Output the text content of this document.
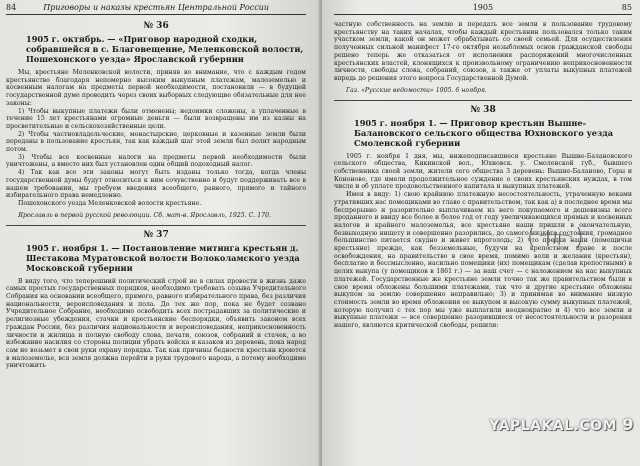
84	Приговоры и наказы крестьян Центральной России
№ 36
1905 г. октябрь. — «Приговор народной сходки, собравшейся в с. Благовещение, Меленковской волости, Пошехонского уезда» Ярославской губернии

Мы, крестьяне Меленковской волости, приняв во внимание, что с каждым годом крестьянство благодаря непомерно высоким выкупным платежам, малоземелью и косвенным налогам на предметы первой необходимости, постановили — в будущей государственной думе проводить через своих выборных следующие обязательные для нее законы:

1) Чтобы выкупные платежи были отменены; недоимки сложены, а уплаченные в течение 15 лет крестьянами огромные деньги — были возвращены им из казны на просветительные и сельскохозяйственные цели.

2) Чтобы частновладельческие, монастырские, церковные и казенные земли были переданы в пользование крестьян, так как каждый шаг этой земли был полит народным потом.

3) Чтобы все косвенные налоги на предметы первой необходимости были уничтожены, а вместо них был установлен один общий подоходный налог.

4) Так как все эти законы могут быть изданы только тогда, когда члены государственной думы будут относиться к ним сочувственно и будут поддерживать все в нашем требовании, мы требуем введения всеобщего, равного, прямого и тайного избирательного права немедленно.

Пошехонского уезда Меленковской волости крестьяне.

Ярославль в первой русской революции. Сб. мат-в. Ярославль, 1925. С. 170.
№ 37
1905 г. ноября 1. — Постановление митинга крестьян д. Шестакова Муратовской волости Волоколамского уезда Московской губернии

В виду того, что теперешний политический строй не в силах провести в жизнь даже самых простых государственных порядков, необходимо требовать созыва Учредительного Собрания на основании всеобщего, прямого, равного избирательного права, без различия национальности, вероисповедания и пола. До тех же пор, пока не будет созвано Учредительное Собрание, необходимо освободить всех пострадавших за политические и религиозные убеждения, стачки и крестьянские беспорядки, объявить законом всех граждан России, без различия национальности и вероисповедания, неприкосновенность личности и жилища и полную свободу слова, печати, союзов, собраний и стачек, а во избежание насилия со стороны полиции убрать войска и казаков из деревень, пока народ сам не возьмет в свои руки охрану порядка. Так как причины бедности крестьян кроются в малоземелье, вся земля должна перейти в руки трудового народа, а потому необходимо уничтожить

1905	85

частную собственность на землю и передать все земли в пользование трудовому крестьянству на таких началах, чтобы каждый крестьянин пользовался только таким участком земли, какой он может обрабатывать со своей семьей. Для осуществления полученных сильной манифест 17-го октября незыблемых основ гражданской свободы решено теперь же отказаться от исполнения распоряжений многочисленных крестьянских властей, клонящихся к произвольному ограничению неприкосновенности личности, свободы слова, собраний, союзов, а также от уплаты выкупных платежей впредь до решения этого вопроса Государственной Думой.

Газ. «Русские ведомости» 1905. 6 ноября.
№ 38
1905 г. ноября 1. — Приговор крестьян Вышне-Балановского сельского общества Юхновского уезда Смоленской губернии

1905 г. ноября 1 дня, мы, нижеподписавшиеся крестьяне Вышне-Балановского сельского общества, Кикинской вол., Юхновск. у. Смоленской губ., бывшего собственника своей земли, жители сего общества 3 деревень: Вышне-Баланово, Горы и Кононово, где имели продолжительное суждение о своих крестьянских нуждах, в том числе и об уплате продовольственного капитала и выкупных платежей.

Имея в виду: 1) свою крайнюю платежную несостоятельность, утраченную веками утративших нас помещиками во главе с правительством, так как а) в последнее время мы беспрерывно и разорительно выплачиваем из него покупаемого и дешевизны всего проданного и ввиду все более и более год от году увеличивающихся прямых и косвенных налогов и крайнего малоземелья, все крестьяне наши пришли в окончательную, безвыходную нищету и совершенно разорились, до самого низкого состояния, громадное большинство питается скудно и живет впроголодь; 2) что предки наши (помещичьи крестьяне) прежде, как безземельные, будучи на крепостном праве и после освобождения, на правительство в свое время, помимо воли и желания (крестьян), бесплатно и бессмысленно, насильно помещики (их) помещикам (сделав крепостными) в целях выкупа (у помещиков в 1861 г.) — за наш счет — с наложением на нас выкупных платежей. Государственные же крестьяне земли точно так же правительством были в свое время обложены большими платежами, так что и другие крестьяне обложены выкупом за землю совершенно неправильно; 3) и принимая во внимание низкую стоимость земли во время обложения ее выкупом и высокую сумму выкупных платежей, которую получил с тех пор мы уже выплатили неоднократно и 4) что все земли и выкупные платежи — все совершенно разорившиеся от несостоятельности и разорения нашего, являются критической свободы, решили:

YAPLAKAL.COM 9
